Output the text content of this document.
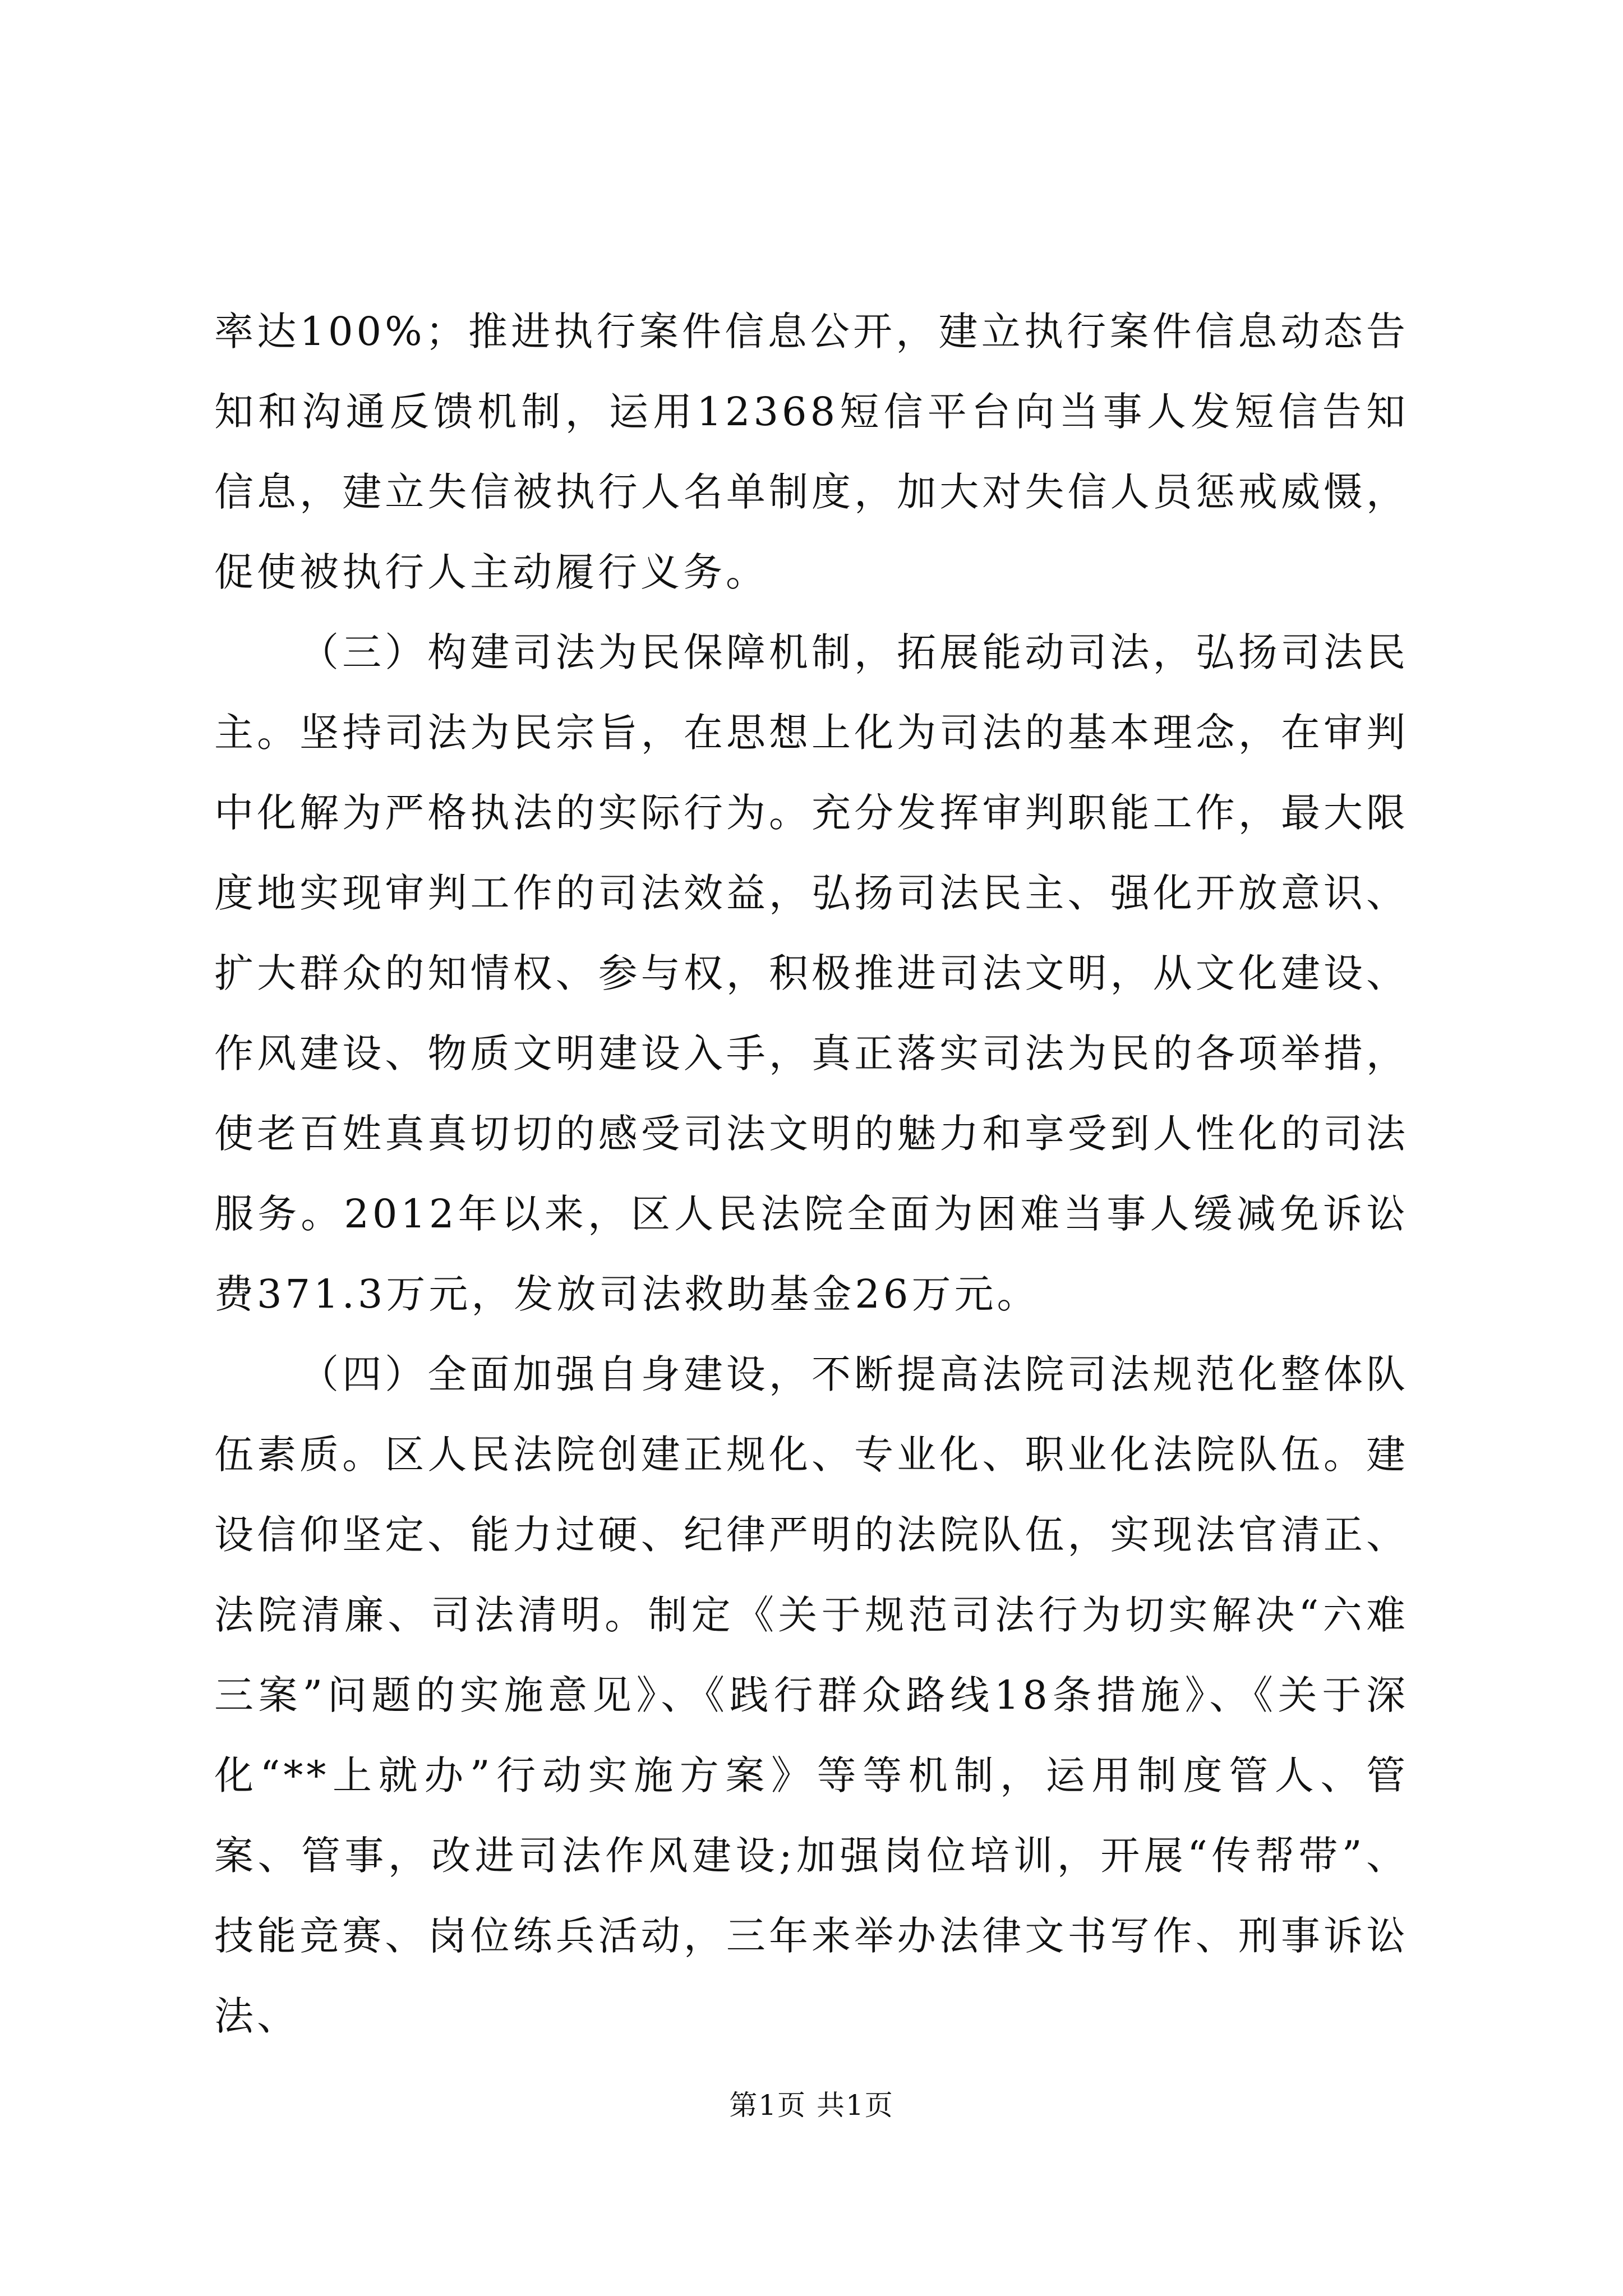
率达100%；推进执行案件信息公开，建立执行案件信息动态告知和沟通反馈机制，运用12368短信平台向当事人发短信告知信息，建立失信被执行人名单制度，加大对失信人员惩戒威慑，促使被执行人主动履行义务。

（三）构建司法为民保障机制，拓展能动司法，弘扬司法民主。坚持司法为民宗旨，在思想上化为司法的基本理念，在审判中化解为严格执法的实际行为。充分发挥审判职能工作，最大限度地实现审判工作的司法效益，弘扬司法民主、强化开放意识、扩大群众的知情权、参与权，积极推进司法文明，从文化建设、作风建设、物质文明建设入手，真正落实司法为民的各项举措，使老百姓真真切切的感受司法文明的魅力和享受到人性化的司法服务。2012年以来，区人民法院全面为困难当事人缓减免诉讼费371.3万元，发放司法救助基金26万元。

（四）全面加强自身建设，不断提高法院司法规范化整体队伍素质。区人民法院创建正规化、专业化、职业化法院队伍。建设信仰坚定、能力过硬、纪律严明的法院队伍，实现法官清正、法院清廉、司法清明。制定《关于规范司法行为切实解决“六难三案”问题的实施意见》、《践行群众路线18条措施》、《关于深化“**上就办”行动实施方案》等等机制，运用制度管人、管案、管事，改进司法作风建设;加强岗位培训，开展“传帮带”、技能竞赛、岗位练兵活动，三年来举办法律文书写作、刑事诉讼法、

第1页 共1页
